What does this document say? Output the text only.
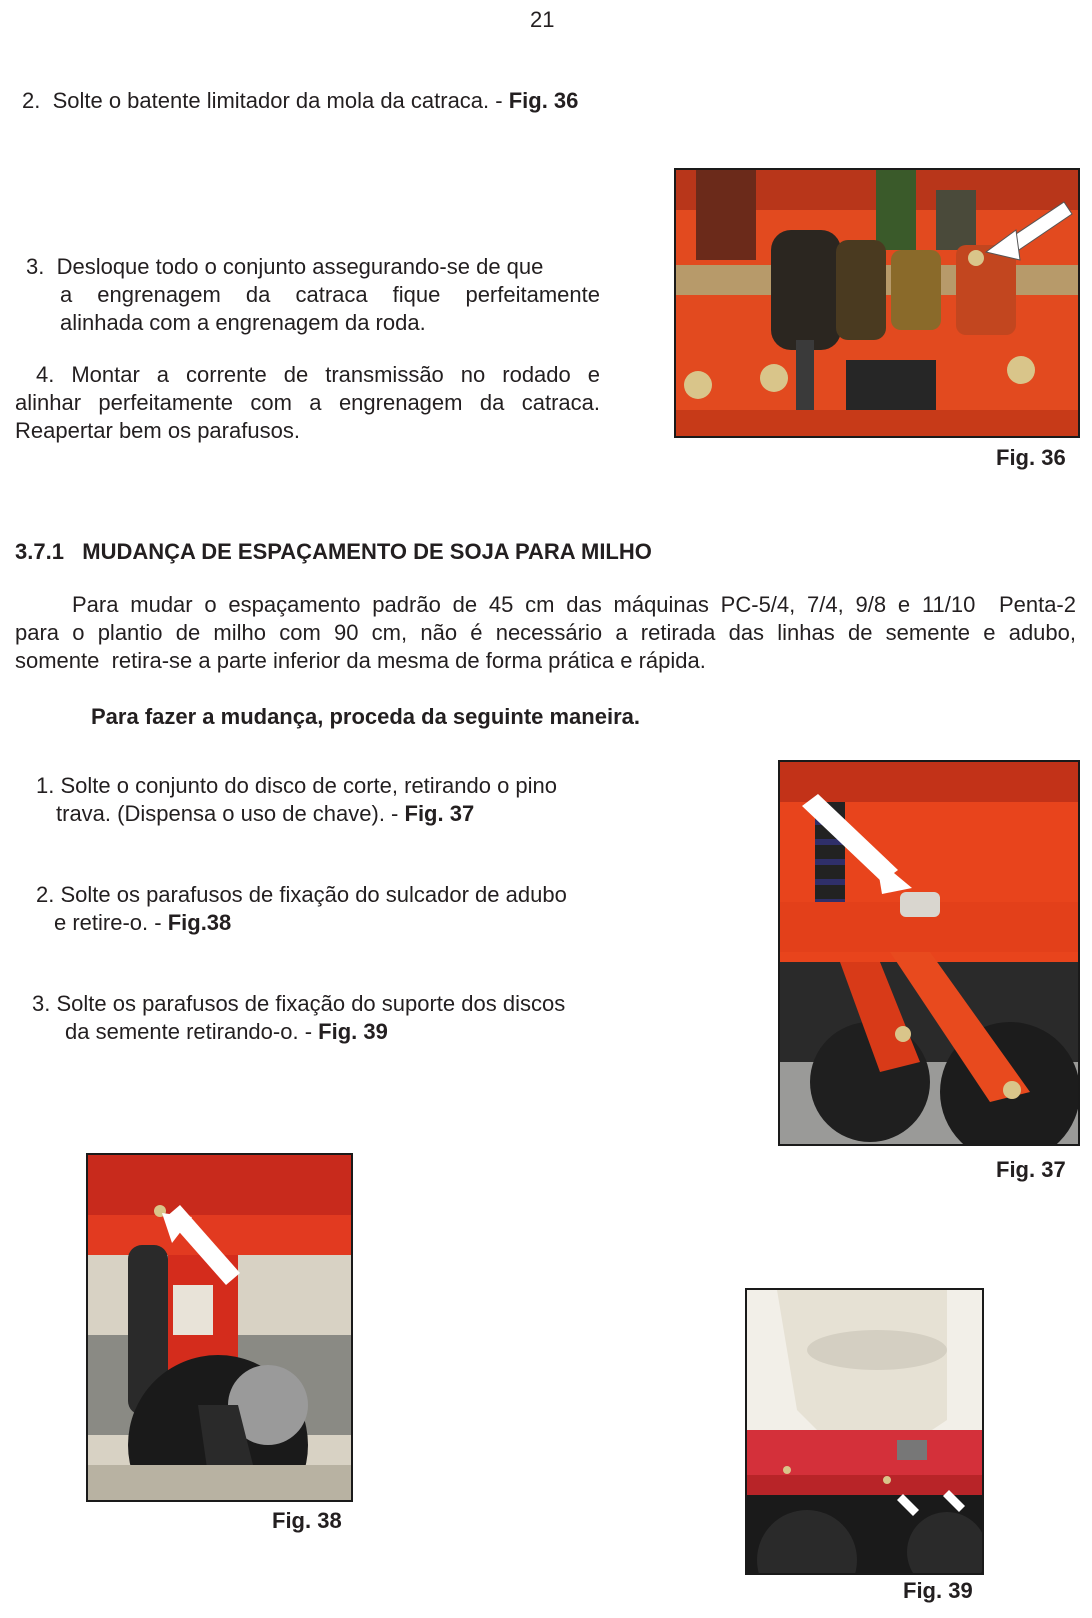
21
2.  Solte o batente limitador da mola da catraca. - Fig. 36
3.  Desloque todo o conjunto assegurando-se de que
a engrenagem da catraca fique perfeitamente
alinhada com a engrenagem da roda.
4.  Montar  a  corrente  de  transmissão  no  rodado  e
alinhar perfeitamente com a engrenagem da catraca.
Reapertar bem os parafusos.
Fig. 36
3.7.1 MUDANÇA DE ESPAÇAMENTO DE SOJA PARA MILHO
Para mudar o espaçamento padrão de 45 cm das máquinas PC-5/4, 7/4, 9/8 e 11/10  Penta-2
para o plantio de milho com 90 cm, não é necessário a retirada das linhas de semente e adubo,
somente  retira-se a parte inferior da mesma de forma prática e rápida.
Para fazer a mudança, proceda da seguinte maneira.
1. Solte o conjunto do disco de corte, retirando o pino
trava. (Dispensa o uso de chave). - Fig. 37
2. Solte os parafusos de fixação do sulcador de adubo
e retire-o. - Fig.38
3. Solte os parafusos de fixação do suporte dos discos
da semente retirando-o. - Fig. 39
Fig. 37
Fig. 38
Fig. 39
